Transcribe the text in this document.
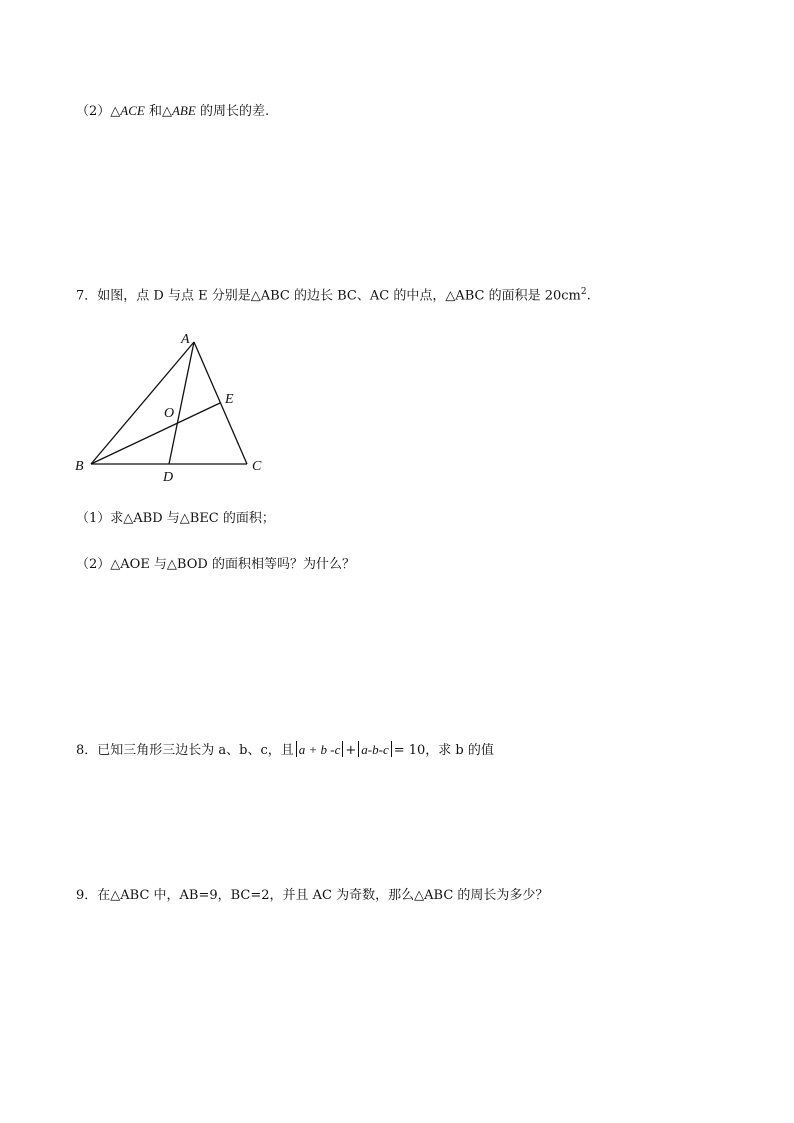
（2）△ACE 和△ABE 的周长的差.
7．如图，点 D 与点 E 分别是△ABC 的边长 BC、AC 的中点，△ABC 的面积是 $20cm^2$.
A
B	C
D
E
O
（1）求△ABD 与△BEC 的面积；
（2）△AOE 与△BOD 的面积相等吗？为什么？
8．已知三角形三边长为 a、b、c，且 a + b -c + a-b-c = 10，求 b 的值
9．在△ABC 中，AB=9，BC=2，并且 AC 为奇数，那么△ABC 的周长为多少？
